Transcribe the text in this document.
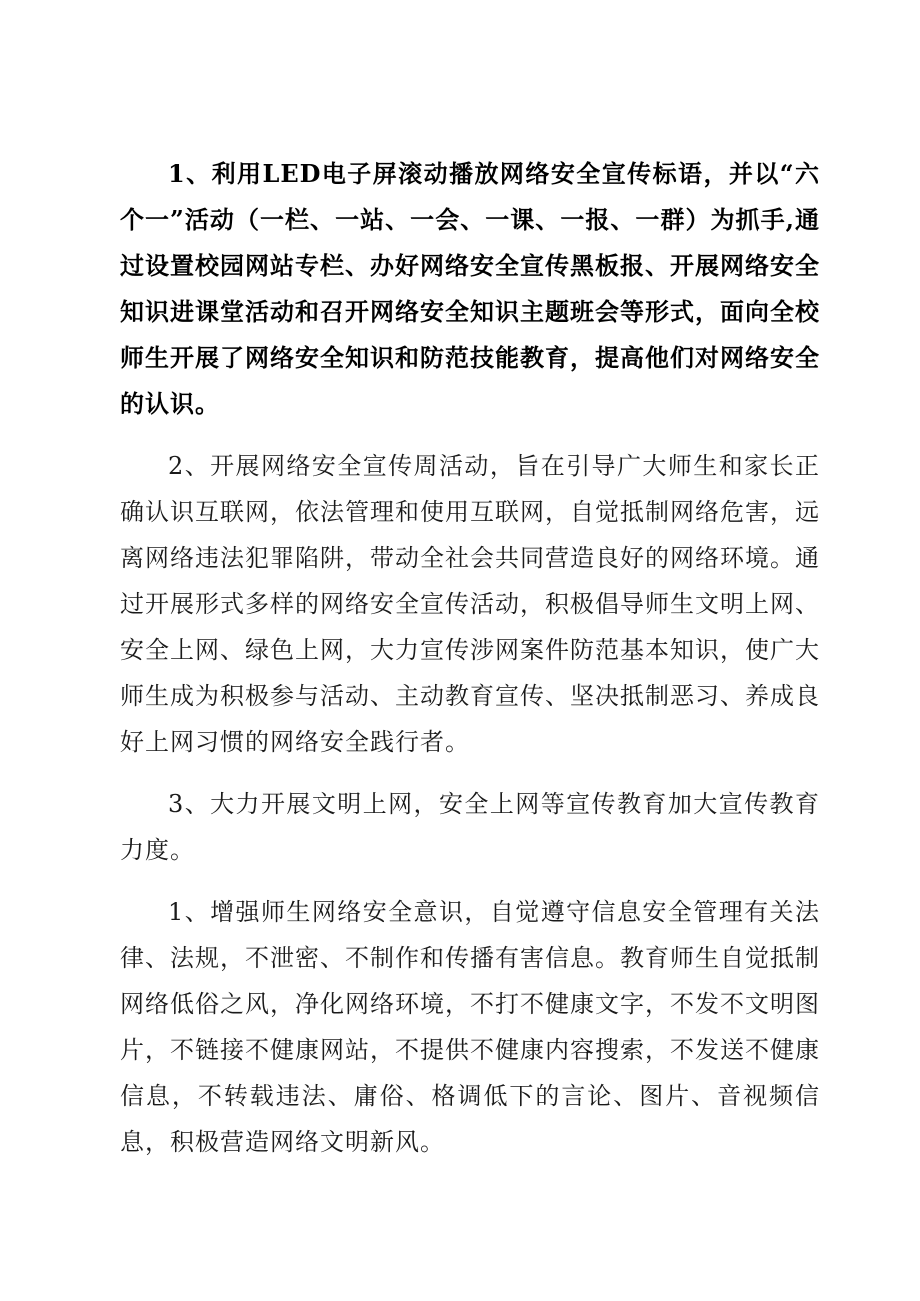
1、利用LED电子屏滚动播放网络安全宣传标语，并以“六个一”活动（一栏、一站、一会、一课、一报、一群）为抓手,通过设置校园网站专栏、办好网络安全宣传黑板报、开展网络安全知识进课堂活动和召开网络安全知识主题班会等形式，面向全校师生开展了网络安全知识和防范技能教育，提高他们对网络安全的认识。

2、开展网络安全宣传周活动，旨在引导广大师生和家长正确认识互联网，依法管理和使用互联网，自觉抵制网络危害，远离网络违法犯罪陷阱，带动全社会共同营造良好的网络环境。通过开展形式多样的网络安全宣传活动，积极倡导师生文明上网、安全上网、绿色上网，大力宣传涉网案件防范基本知识，使广大师生成为积极参与活动、主动教育宣传、坚决抵制恶习、养成良好上网习惯的网络安全践行者。

3、大力开展文明上网，安全上网等宣传教育加大宣传教育力度。

1、增强师生网络安全意识，自觉遵守信息安全管理有关法律、法规，不泄密、不制作和传播有害信息。教育师生自觉抵制网络低俗之风，净化网络环境，不打不健康文字，不发不文明图片，不链接不健康网站，不提供不健康内容搜索，不发送不健康信息，不转载违法、庸俗、格调低下的言论、图片、音视频信息，积极营造网络文明新风。
